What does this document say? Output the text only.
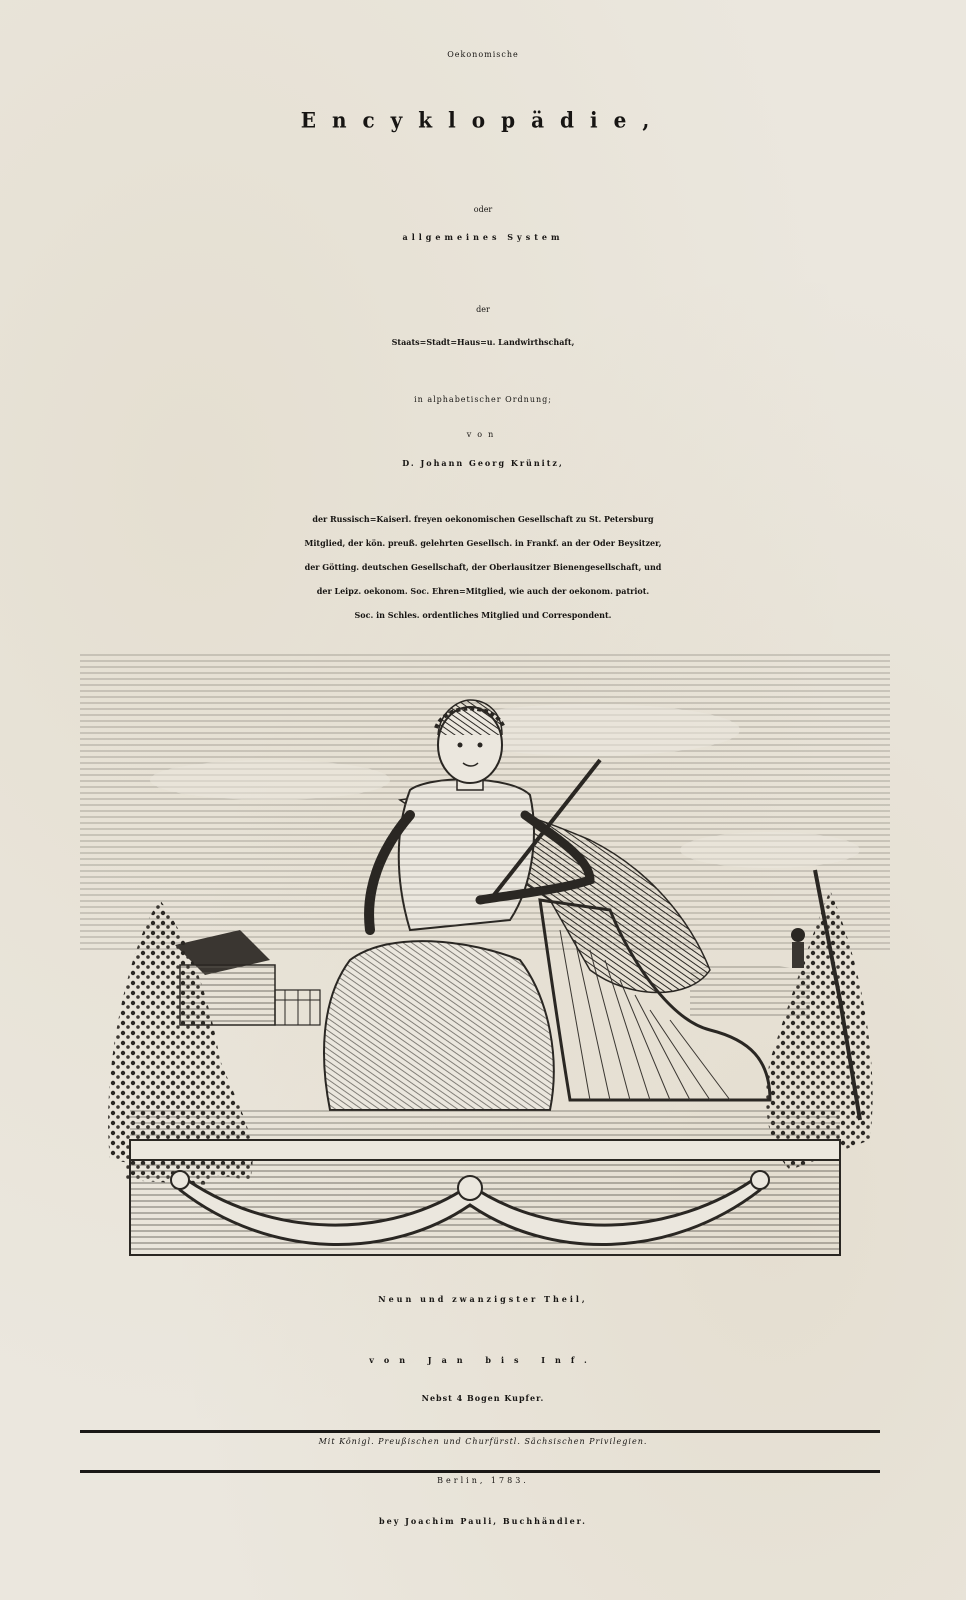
Oekonomische
Encyklopädie,
oder
allgemeines System
der
Staats=Stadt=Haus=u. Landwirthschaft,
in alphabetischer Ordnung;
von
D. Johann Georg Krünitz,
der Russisch=Kaiserl. freyen oekonomischen Gesellschaft zu St. Petersburg
Mitglied, der kön. preuß. gelehrten Gesellsch. in Frankf. an der Oder Beysitzer,
der Götting. deutschen Gesellschaft, der Oberlausitzer Bienengesellschaft, und
der Leipz. oekonom. Soc. Ehren=Mitglied, wie auch der oekonom. patriot.
Soc. in Schles. ordentliches Mitglied und Correspondent.
Neun und zwanzigster Theil,
von Jan bis Inf.
Nebst 4 Bogen Kupfer.
Mit Königl. Preußischen und Churfürstl. Sächsischen Privilegien.
Berlin, 1783.
bey Joachim Pauli, Buchhändler.
